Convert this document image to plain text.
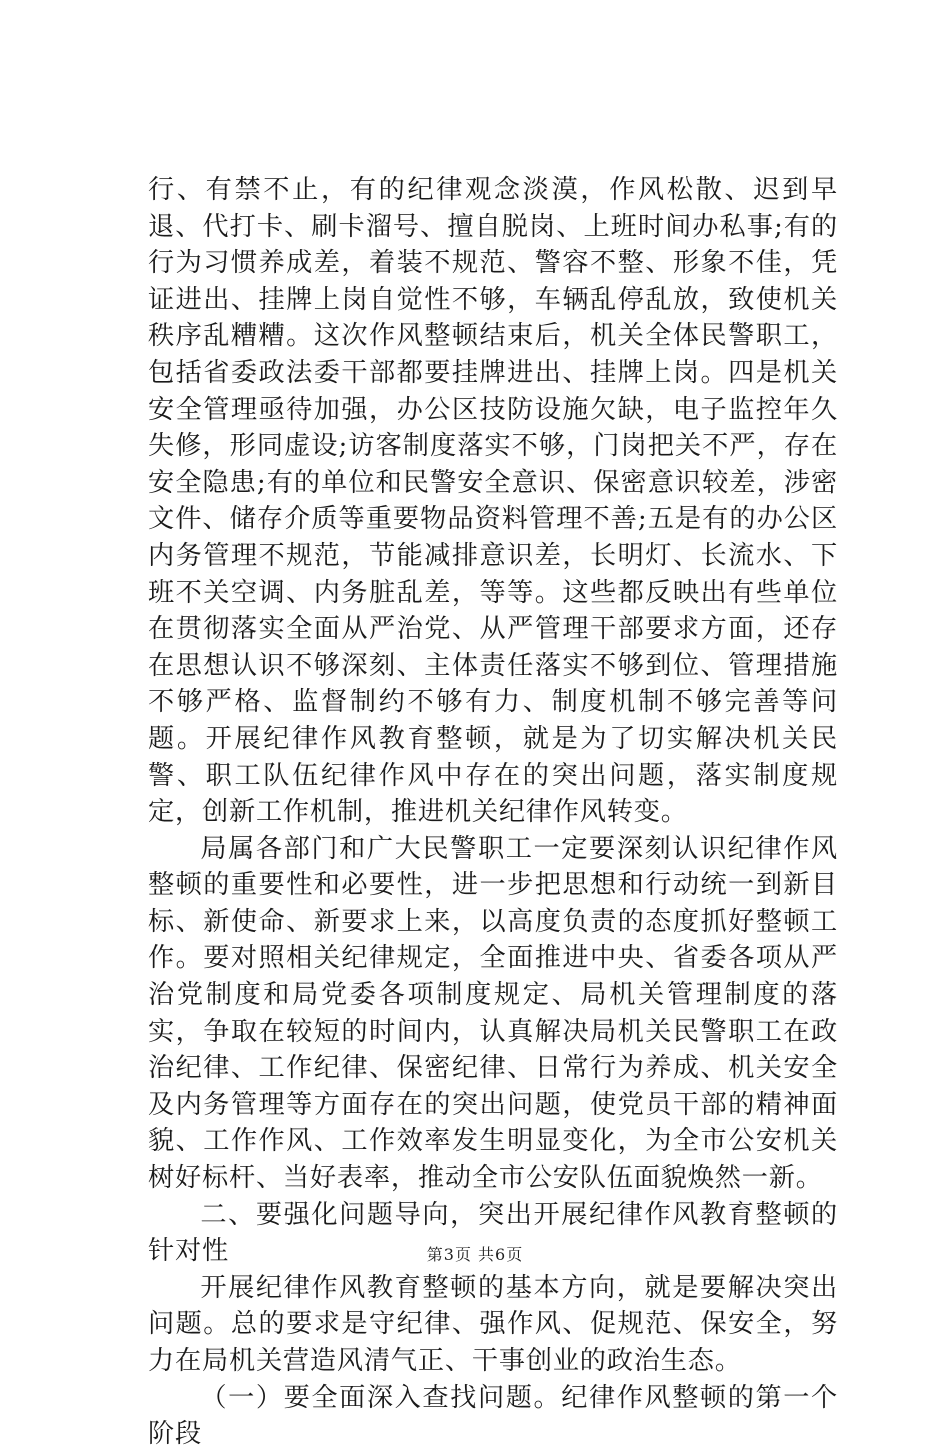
行、有禁不止，有的纪律观念淡漠，作风松散、迟到早退、代打卡、刷卡溜号、擅自脱岗、上班时间办私事;有的行为习惯养成差，着装不规范、警容不整、形象不佳，凭证进出、挂牌上岗自觉性不够，车辆乱停乱放，致使机关秩序乱糟糟。这次作风整顿结束后，机关全体民警职工，包括省委政法委干部都要挂牌进出、挂牌上岗。四是机关安全管理亟待加强，办公区技防设施欠缺，电子监控年久失修，形同虚设;访客制度落实不够，门岗把关不严，存在安全隐患;有的单位和民警安全意识、保密意识较差，涉密文件、储存介质等重要物品资料管理不善;五是有的办公区内务管理不规范，节能减排意识差，长明灯、长流水、下班不关空调、内务脏乱差，等等。这些都反映出有些单位在贯彻落实全面从严治党、从严管理干部要求方面，还存在思想认识不够深刻、主体责任落实不够到位、管理措施不够严格、监督制约不够有力、制度机制不够完善等问题。开展纪律作风教育整顿，就是为了切实解决机关民警、职工队伍纪律作风中存在的突出问题，落实制度规定，创新工作机制，推进机关纪律作风转变。

局属各部门和广大民警职工一定要深刻认识纪律作风整顿的重要性和必要性，进一步把思想和行动统一到新目标、新使命、新要求上来，以高度负责的态度抓好整顿工作。要对照相关纪律规定，全面推进中央、省委各项从严治党制度和局党委各项制度规定、局机关管理制度的落实，争取在较短的时间内，认真解决局机关民警职工在政治纪律、工作纪律、保密纪律、日常行为养成、机关安全及内务管理等方面存在的突出问题，使党员干部的精神面貌、工作作风、工作效率发生明显变化，为全市公安机关树好标杆、当好表率，推动全市公安队伍面貌焕然一新。

二、要强化问题导向，突出开展纪律作风教育整顿的针对性

开展纪律作风教育整顿的基本方向，就是要解决突出问题。总的要求是守纪律、强作风、促规范、保安全，努力在局机关营造风清气正、干事创业的政治生态。

（一）要全面深入查找问题。纪律作风整顿的第一个阶段

第3页 共6页
